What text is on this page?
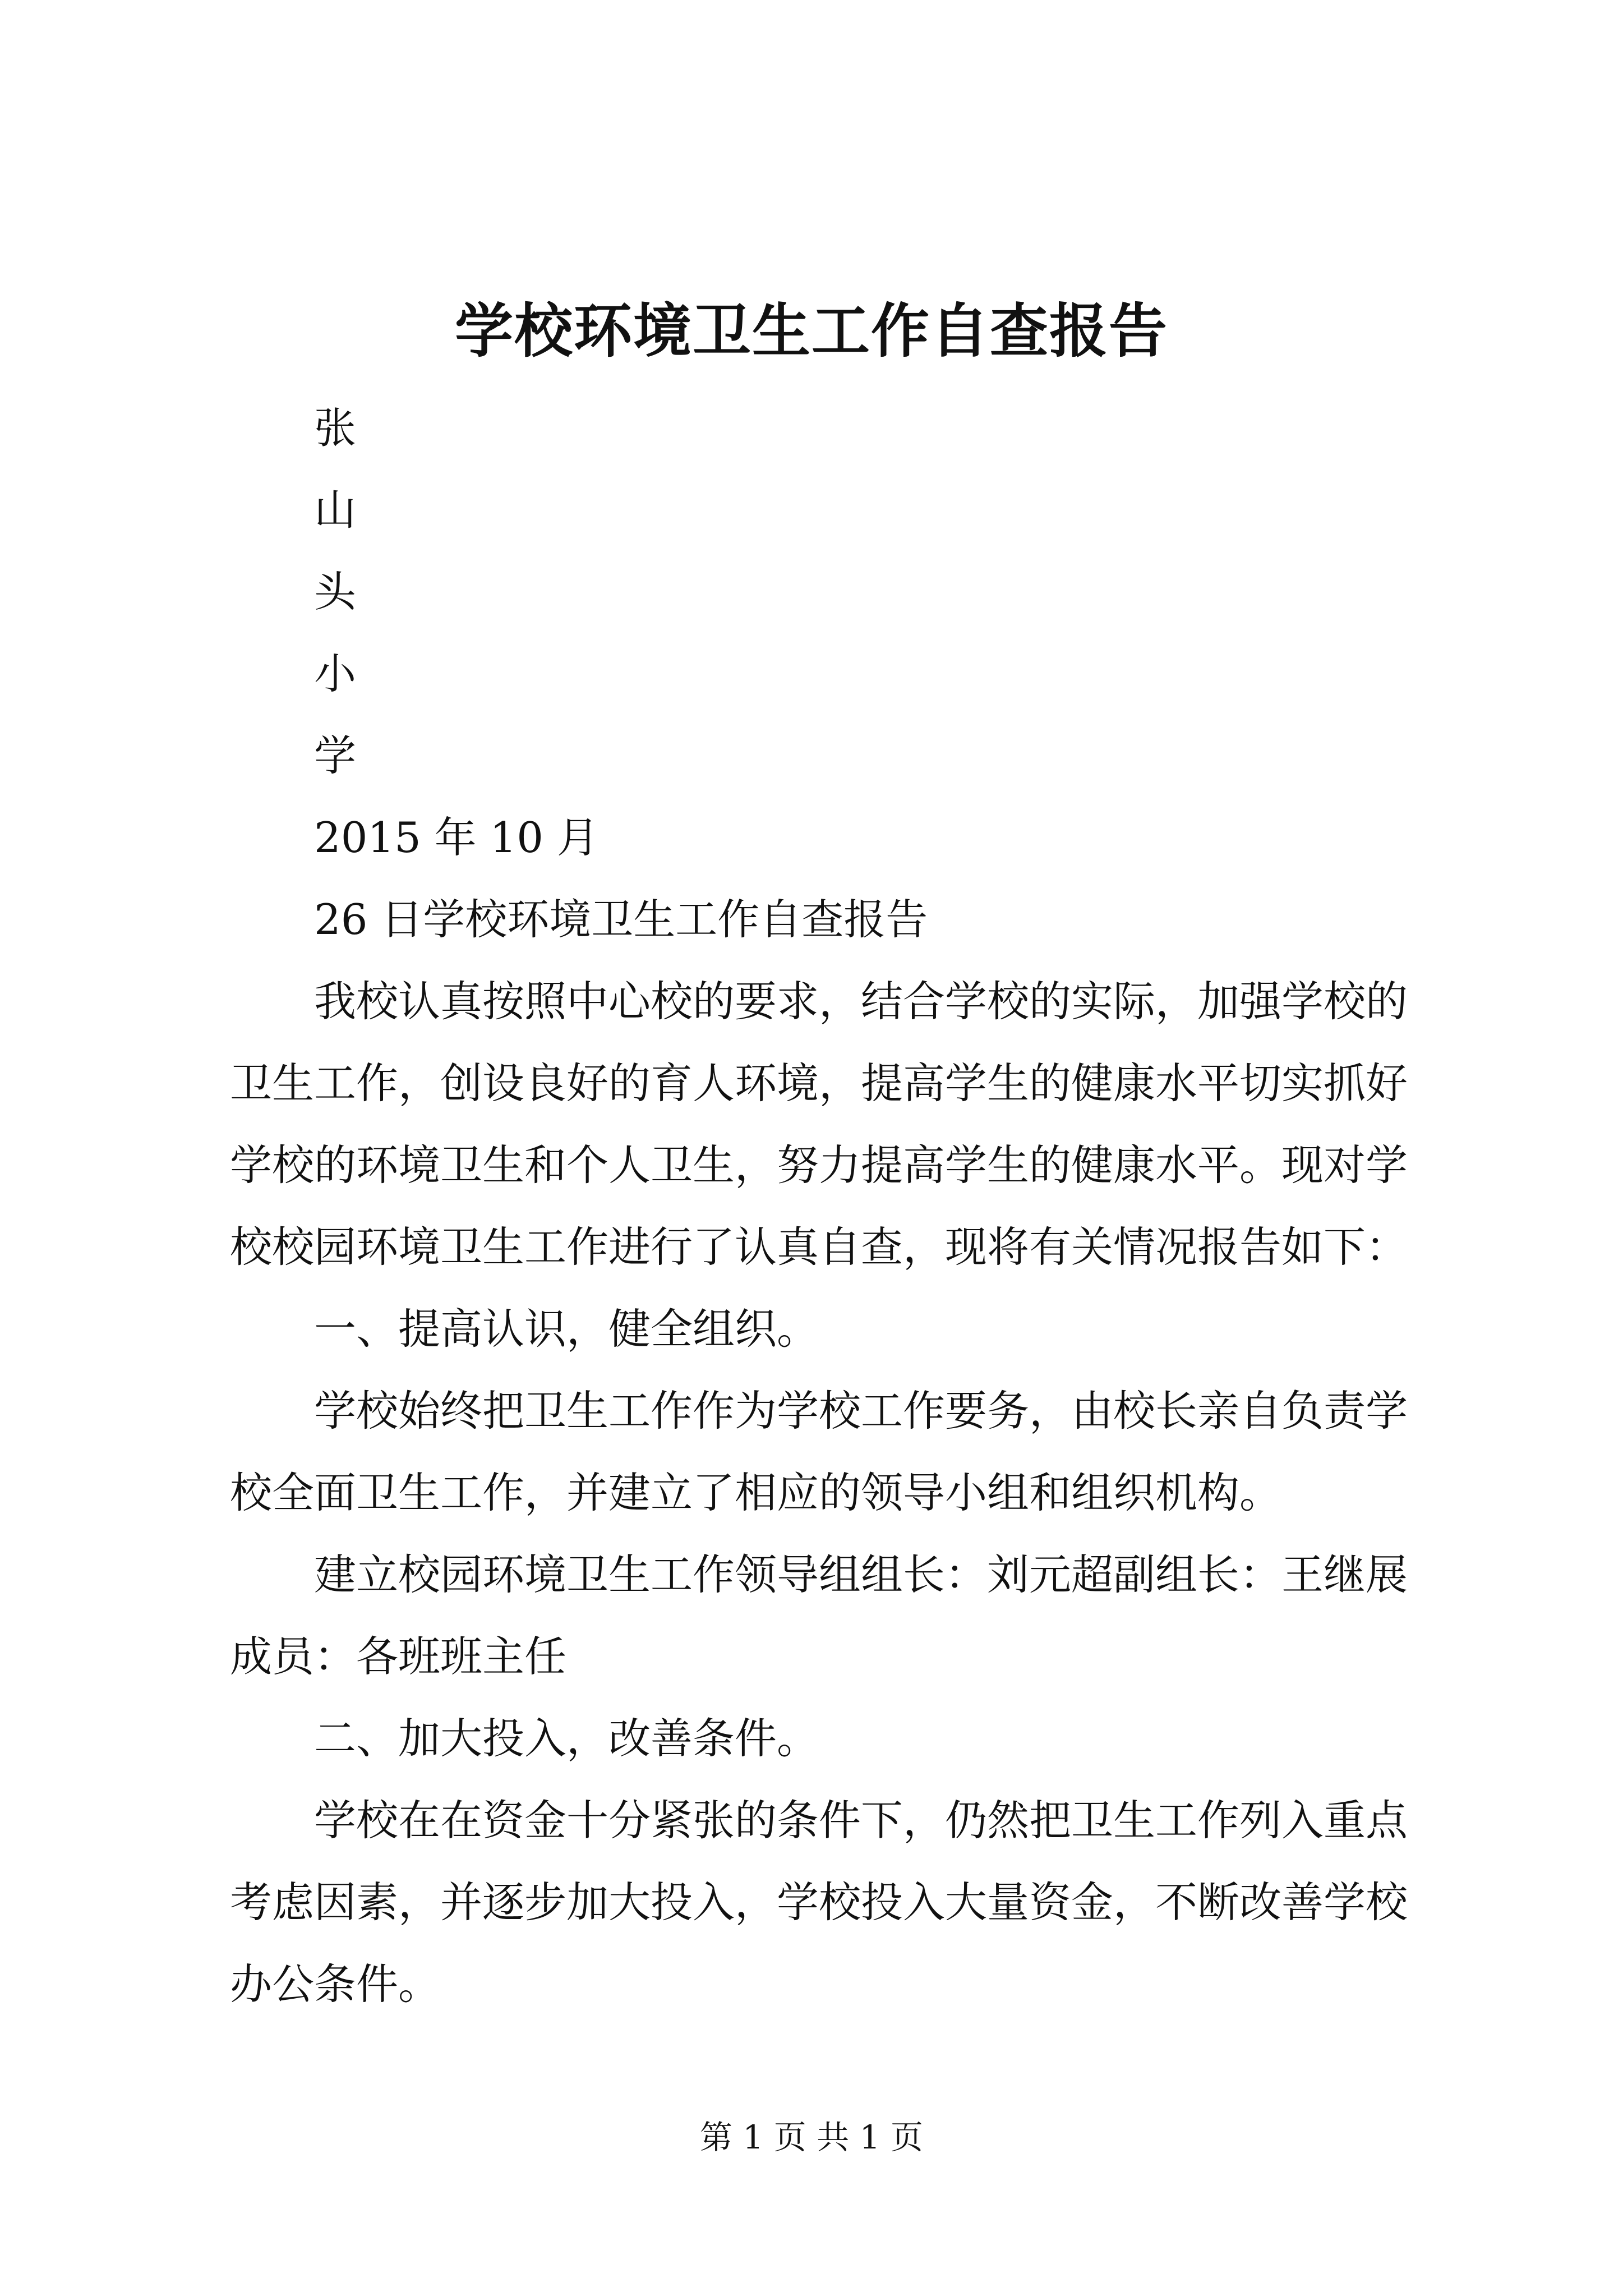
学校环境卫生工作自查报告
张
山
头
小
学
2015 年 10 月
26 日学校环境卫生工作自查报告

我校认真按照中心校的要求，结合学校的实际，加强学校的卫生工作，创设良好的育人环境，提高学生的健康水平切实抓好学校的环境卫生和个人卫生，努力提高学生的健康水平。现对学校校园环境卫生工作进行了认真自查，现将有关情况报告如下：

一、提高认识，健全组织。

学校始终把卫生工作作为学校工作要务，由校长亲自负责学校全面卫生工作，并建立了相应的领导小组和组织机构。

建立校园环境卫生工作领导组组长：刘元超副组长：王继展成员：各班班主任

二、加大投入，改善条件。

学校在在资金十分紧张的条件下，仍然把卫生工作列入重点考虑因素，并逐步加大投入，学校投入大量资金，不断改善学校办公条件。

第 1 页 共 1 页
